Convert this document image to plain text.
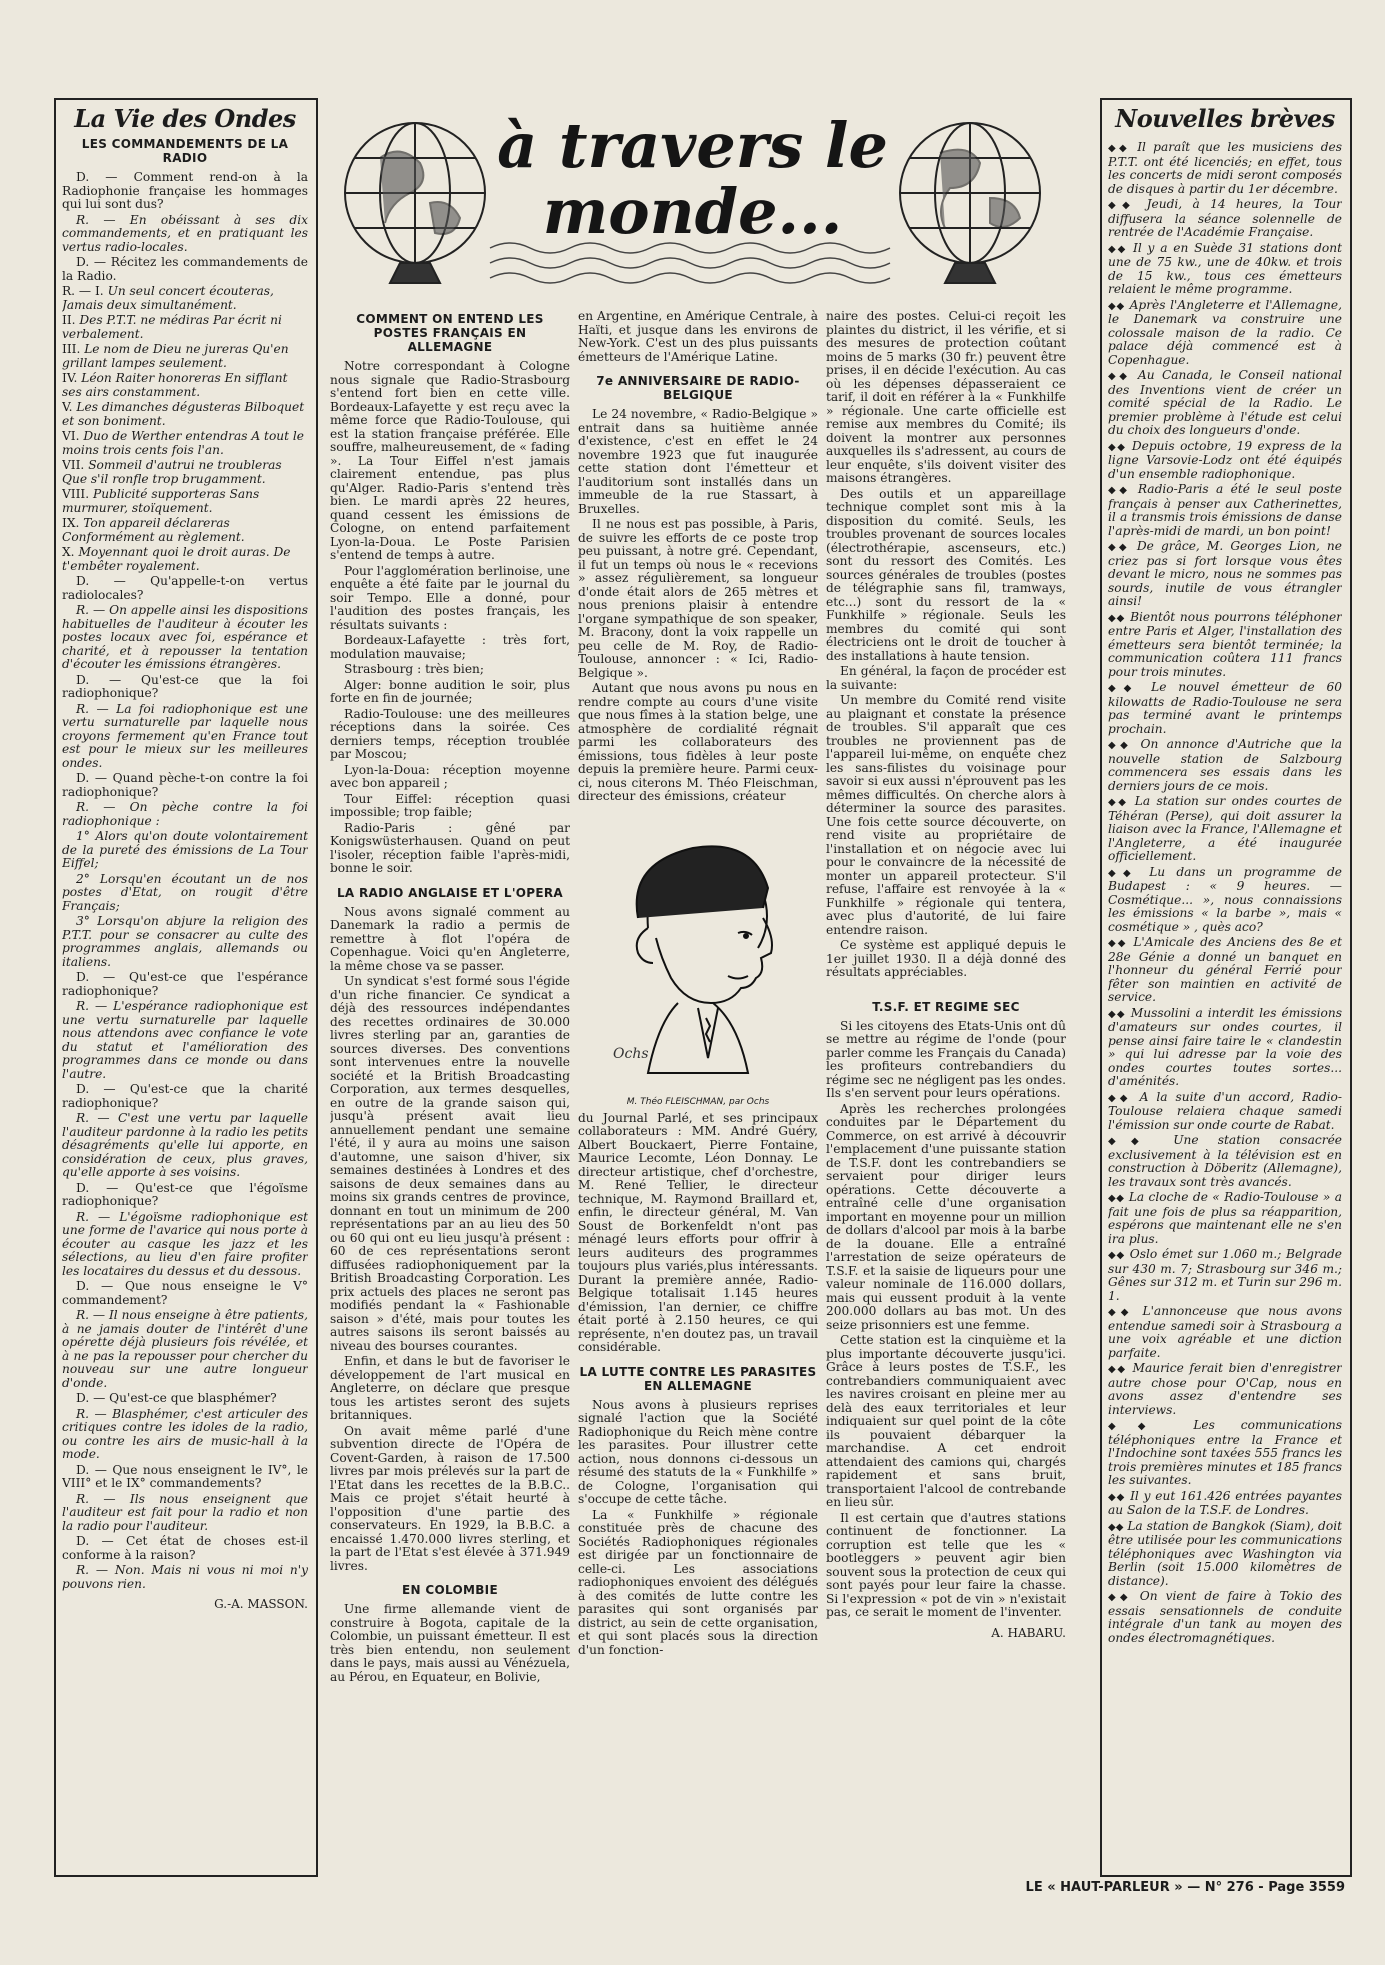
La Vie des Ondes
LES COMMANDEMENTS DE LA RADIO

D. — Comment rend-on à la Radiophonie française les hommages qui lui sont dus?

R. — En obéissant à ses dix commandements, et en pratiquant les vertus radio-locales.

D. — Récitez les commandements de la Radio.

R. — I. Un seul concert écouteras, Jamais deux simultanément.

II. Des P.T.T. ne médiras Par écrit ni verbalement.

III. Le nom de Dieu ne jureras Qu'en grillant lampes seulement.

IV. Léon Raiter honoreras En sifflant ses airs constamment.

V. Les dimanches dégusteras Bilboquet et son boniment.

VI. Duo de Werther entendras A tout le moins trois cents fois l'an.

VII. Sommeil d'autrui ne troubleras Que s'il ronfle trop brugamment.

VIII. Publicité supporteras Sans murmurer, stoïquement.

IX. Ton appareil déclareras Conformément au règlement.

X. Moyennant quoi le droit auras. De t'embêter royalement.

D. — Qu'appelle-t-on vertus radiolocales?

R. — On appelle ainsi les dispositions habituelles de l'auditeur à écouter les postes locaux avec foi, espérance et charité, et à repousser la tentation d'écouter les émissions étrangères.

D. — Qu'est-ce que la foi radiophonique?

R. — La foi radiophonique est une vertu surnaturelle par laquelle nous croyons fermement qu'en France tout est pour le mieux sur les meilleures ondes.

D. — Quand pèche-t-on contre la foi radiophonique?

R. — On pèche contre la foi radiophonique :

1° Alors qu'on doute volontairement de la pureté des émissions de La Tour Eiffel;

2° Lorsqu'en écoutant un de nos postes d'Etat, on rougit d'être Français;

3° Lorsqu'on abjure la religion des P.T.T. pour se consacrer au culte des programmes anglais, allemands ou italiens.

D. — Qu'est-ce que l'espérance radiophonique?

R. — L'espérance radiophonique est une vertu surnaturelle par laquelle nous attendons avec confiance le vote du statut et l'amélioration des programmes dans ce monde ou dans l'autre.

D. — Qu'est-ce que la charité radiophonique?

R. — C'est une vertu par laquelle l'auditeur pardonne à la radio les petits désagréments qu'elle lui apporte, en considération de ceux, plus graves, qu'elle apporte à ses voisins.

D. — Qu'est-ce que l'égoïsme radiophonique?

R. — L'égoïsme radiophonique est une forme de l'avarice qui nous porte à écouter au casque les jazz et les sélections, au lieu d'en faire profiter les locataires du dessus et du dessous.

D. — Que nous enseigne le V° commandement?

R. — Il nous enseigne à être patients, à ne jamais douter de l'intérêt d'une opérette déjà plusieurs fois révélée, et à ne pas la repousser pour chercher du nouveau sur une autre longueur d'onde.

D. — Qu'est-ce que blasphémer?

R. — Blasphémer, c'est articuler des critiques contre les idoles de la radio, ou contre les airs de music-hall à la mode.

D. — Que nous enseignent le IV°, le VIII° et le IX° commandements?

R. — Ils nous enseignent que l'auditeur est fait pour la radio et non la radio pour l'auditeur.

D. — Cet état de choses est-il conforme à la raison?

R. — Non. Mais ni vous ni moi n'y pouvons rien.

G.-A. MASSON.
à travers le monde...
COMMENT ON ENTEND LES POSTES FRANÇAIS EN ALLEMAGNE

Notre correspondant à Cologne nous signale que Radio-Strasbourg s'entend fort bien en cette ville. Bordeaux-Lafayette y est reçu avec la même force que Radio-Toulouse, qui est la station française préférée. Elle souffre, malheureusement, de « fading ». La Tour Eiffel n'est jamais clairement entendue, pas plus qu'Alger. Radio-Paris s'entend très bien. Le mardi après 22 heures, quand cessent les émissions de Cologne, on entend parfaitement Lyon-la-Doua. Le Poste Parisien s'entend de temps à autre.

Pour l'agglomération berlinoise, une enquête a été faite par le journal du soir Tempo. Elle a donné, pour l'audition des postes français, les résultats suivants :

Bordeaux-Lafayette : très fort, modulation mauvaise;

Strasbourg : très bien;

Alger: bonne audition le soir, plus forte en fin de journée;

Radio-Toulouse: une des meilleures réceptions dans la soirée. Ces derniers temps, réception troublée par Moscou;

Lyon-la-Doua: réception moyenne avec bon appareil ;

Tour Eiffel: réception quasi impossible; trop faible;

Radio-Paris : gêné par Konigswüsterhausen. Quand on peut l'isoler, réception faible l'après-midi, bonne le soir.

LA RADIO ANGLAISE ET L'OPERA

Nous avons signalé comment au Danemark la radio a permis de remettre à flot l'opéra de Copenhague. Voici qu'en Angleterre, la même chose va se passer.

Un syndicat s'est formé sous l'égide d'un riche financier. Ce syndicat a déjà des ressources indépendantes des recettes ordinaires de 30.000 livres sterling par an, garanties de sources diverses. Des conventions sont intervenues entre la nouvelle société et la British Broadcasting Corporation, aux termes desquelles, en outre de la grande saison qui, jusqu'à présent avait lieu annuellement pendant une semaine l'été, il y aura au moins une saison d'automne, une saison d'hiver, six semaines destinées à Londres et des saisons de deux semaines dans au moins six grands centres de province, donnant en tout un minimum de 200 représentations par an au lieu des 50 ou 60 qui ont eu lieu jusqu'à présent : 60 de ces représentations seront diffusées radiophoniquement par la British Broadcasting Corporation. Les prix actuels des places ne seront pas modifiés pendant la « Fashionable saison » d'été, mais pour toutes les autres saisons ils seront baissés au niveau des bourses courantes.

Enfin, et dans le but de favoriser le développement de l'art musical en Angleterre, on déclare que presque tous les artistes seront des sujets britanniques.

On avait même parlé d'une subvention directe de l'Opéra de Covent-Garden, à raison de 17.500 livres par mois prélevés sur la part de l'Etat dans les recettes de la B.B.C.. Mais ce projet s'était heurté à l'opposition d'une partie des conservateurs. En 1929, la B.B.C. a encaissé 1.470.000 livres sterling, et la part de l'Etat s'est élevée à 371.949 livres.

EN COLOMBIE

Une firme allemande vient de construire à Bogota, capitale de la Colombie, un puissant émetteur. Il est très bien entendu, non seulement dans le pays, mais aussi au Vénézuela, au Pérou, en Equateur, en Bolivie,

en Argentine, en Amérique Centrale, à Haïti, et jusque dans les environs de New-York. C'est un des plus puissants émetteurs de l'Amérique Latine.

7e ANNIVERSAIRE DE RADIO-BELGIQUE

Le 24 novembre, « Radio-Belgique » entrait dans sa huitième année d'existence, c'est en effet le 24 novembre 1923 que fut inaugurée cette station dont l'émetteur et l'auditorium sont installés dans un immeuble de la rue Stassart, à Bruxelles.

Il ne nous est pas possible, à Paris, de suivre les efforts de ce poste trop peu puissant, à notre gré. Cependant, il fut un temps où nous le « recevions » assez régulièrement, sa longueur d'onde était alors de 265 mètres et nous prenions plaisir à entendre l'organe sympathique de son speaker, M. Bracony, dont la voix rappelle un peu celle de M. Roy, de Radio-Toulouse, annoncer : « Ici, Radio-Belgique ».

Autant que nous avons pu nous en rendre compte au cours d'une visite que nous fîmes à la station belge, une atmosphère de cordialité régnait parmi les collaborateurs des émissions, tous fidèles à leur poste depuis la première heure. Parmi ceux-ci, nous citerons M. Théo Fleischman, directeur des émissions, créateur

Ochs
M. Théo FLEISCHMAN, par Ochs

du Journal Parlé, et ses principaux collaborateurs : MM. André Guéry, Albert Bouckaert, Pierre Fontaine, Maurice Lecomte, Léon Donnay. Le directeur artistique, chef d'orchestre, M. René Tellier, le directeur technique, M. Raymond Braillard et, enfin, le directeur général, M. Van Soust de Borkenfeldt n'ont pas ménagé leurs efforts pour offrir à leurs auditeurs des programmes toujours plus variés,plus intéressants. Durant la première année, Radio-Belgique totalisait 1.145 heures d'émission, l'an dernier, ce chiffre était porté à 2.150 heures, ce qui représente, n'en doutez pas, un travail considérable.

LA LUTTE CONTRE LES PARASITES EN ALLEMAGNE

Nous avons à plusieurs reprises signalé l'action que la Société Radiophonique du Reich mène contre les parasites. Pour illustrer cette action, nous donnons ci-dessous un résumé des statuts de la « Funkhilfe » de Cologne, l'organisation qui s'occupe de cette tâche.

La « Funkhilfe » régionale constituée près de chacune des Sociétés Radiophoniques régionales est dirigée par un fonctionnaire de celle-ci. Les associations radiophoniques envoient des délégués à des comités de lutte contre les parasites qui sont organisés par district, au sein de cette organisation, et qui sont placés sous la direction d'un fonction-

naire des postes. Celui-ci reçoit les plaintes du district, il les vérifie, et si des mesures de protection coûtant moins de 5 marks (30 fr.) peuvent être prises, il en décide l'exécution. Au cas où les dépenses dépasseraient ce tarif, il doit en référer à la « Funkhilfe » régionale. Une carte officielle est remise aux membres du Comité; ils doivent la montrer aux personnes auxquelles ils s'adressent, au cours de leur enquête, s'ils doivent visiter des maisons étrangères.

Des outils et un appareillage technique complet sont mis à la disposition du comité. Seuls, les troubles provenant de sources locales (électrothérapie, ascenseurs, etc.) sont du ressort des Comités. Les sources générales de troubles (postes de télégraphie sans fil, tramways, etc...) sont du ressort de la « Funkhilfe » régionale. Seuls les membres du comité qui sont électriciens ont le droit de toucher à des installations à haute tension.

En général, la façon de procéder est la suivante:

Un membre du Comité rend visite au plaignant et constate la présence de troubles. S'il apparaît que ces troubles ne proviennent pas de l'appareil lui-même, on enquête chez les sans-filistes du voisinage pour savoir si eux aussi n'éprouvent pas les mêmes difficultés. On cherche alors à déterminer la source des parasites. Une fois cette source découverte, on rend visite au propriétaire de l'installation et on négocie avec lui pour le convaincre de la nécessité de monter un appareil protecteur. S'il refuse, l'affaire est renvoyée à la « Funkhilfe » régionale qui tentera, avec plus d'autorité, de lui faire entendre raison.

Ce système est appliqué depuis le 1er juillet 1930. Il a déjà donné des résultats appréciables.

T.S.F. ET REGIME SEC

Si les citoyens des Etats-Unis ont dû se mettre au régime de l'onde (pour parler comme les Français du Canada) les profiteurs contrebandiers du régime sec ne négligent pas les ondes. Ils s'en servent pour leurs opérations.

Après les recherches prolongées conduites par le Département du Commerce, on est arrivé à découvrir l'emplacement d'une puissante station de T.S.F. dont les contrebandiers se servaient pour diriger leurs opérations. Cette découverte a entraîné celle d'une organisation important en moyenne pour un million de dollars d'alcool par mois à la barbe de la douane. Elle a entraîné l'arrestation de seize opérateurs de T.S.F. et la saisie de liqueurs pour une valeur nominale de 116.000 dollars, mais qui eussent produit à la vente 200.000 dollars au bas mot. Un des seize prisonniers est une femme.

Cette station est la cinquième et la plus importante découverte jusqu'ici. Grâce à leurs postes de T.S.F., les contrebandiers communiquaient avec les navires croisant en pleine mer au delà des eaux territoriales et leur indiquaient sur quel point de la côte ils pouvaient débarquer la marchandise. A cet endroit attendaient des camions qui, chargés rapidement et sans bruit, transportaient l'alcool de contrebande en lieu sûr.

Il est certain que d'autres stations continuent de fonctionner. La corruption est telle que les « bootleggers » peuvent agir bien souvent sous la protection de ceux qui sont payés pour leur faire la chasse. Si l'expression « pot de vin » n'existait pas, ce serait le moment de l'inventer.

A. HABARU.
Nouvelles brèves

◆◆ Il paraît que les musiciens des P.T.T. ont été licenciés; en effet, tous les concerts de midi seront composés de disques à partir du 1er décembre.

◆◆ Jeudi, à 14 heures, la Tour diffusera la séance solennelle de rentrée de l'Académie Française.

◆◆ Il y a en Suède 31 stations dont une de 75 kw., une de 40kw. et trois de 15 kw., tous ces émetteurs relaient le même programme.

◆◆ Après l'Angleterre et l'Allemagne, le Danemark va construire une colossale maison de la radio. Ce palace déjà commencé est à Copenhague.

◆◆ Au Canada, le Conseil national des Inventions vient de créer un comité spécial de la Radio. Le premier problème à l'étude est celui du choix des longueurs d'onde.

◆◆ Depuis octobre, 19 express de la ligne Varsovie-Lodz ont été équipés d'un ensemble radiophonique.

◆◆ Radio-Paris a été le seul poste français à penser aux Catherinettes, il a transmis trois émissions de danse l'après-midi de mardi, un bon point!

◆◆ De grâce, M. Georges Lion, ne criez pas si fort lorsque vous êtes devant le micro, nous ne sommes pas sourds, inutile de vous étrangler ainsi!

◆◆ Bientôt nous pourrons téléphoner entre Paris et Alger, l'installation des émetteurs sera bientôt terminée; la communication coûtera 111 francs pour trois minutes.

◆◆ Le nouvel émetteur de 60 kilowatts de Radio-Toulouse ne sera pas terminé avant le printemps prochain.

◆◆ On annonce d'Autriche que la nouvelle station de Salzbourg commencera ses essais dans les derniers jours de ce mois.

◆◆ La station sur ondes courtes de Téhéran (Perse), qui doit assurer la liaison avec la France, l'Allemagne et l'Angleterre, a été inaugurée officiellement.

◆◆ Lu dans un programme de Budapest : « 9 heures. — Cosmétique... », nous connaissions les émissions « la barbe », mais « cosmétique » , quès aco?

◆◆ L'Amicale des Anciens des 8e et 28e Génie a donné un banquet en l'honneur du général Ferrié pour fêter son maintien en activité de service.

◆◆ Mussolini a interdit les émissions d'amateurs sur ondes courtes, il pense ainsi faire taire le « clandestin » qui lui adresse par la voie des ondes courtes toutes sortes... d'aménités.

◆◆ A la suite d'un accord, Radio-Toulouse relaiera chaque samedi l'émission sur onde courte de Rabat.

◆◆ Une station consacrée exclusivement à la télévision est en construction à Döberitz (Allemagne), les travaux sont très avancés.

◆◆ La cloche de « Radio-Toulouse » a fait une fois de plus sa réapparition, espérons que maintenant elle ne s'en ira plus.

◆◆ Oslo émet sur 1.060 m.; Belgrade sur 430 m. 7; Strasbourg sur 346 m.; Gênes sur 312 m. et Turin sur 296 m. 1.

◆◆ L'annonceuse que nous avons entendue samedi soir à Strasbourg a une voix agréable et une diction parfaite.

◆◆ Maurice ferait bien d'enregistrer autre chose pour O'Cap, nous en avons assez d'entendre ses interviews.

◆◆ Les communications téléphoniques entre la France et l'Indochine sont taxées 555 francs les trois premières minutes et 185 francs les suivantes.

◆◆ Il y eut 161.426 entrées payantes au Salon de la T.S.F. de Londres.

◆◆ La station de Bangkok (Siam), doit être utilisée pour les communications téléphoniques avec Washington via Berlin (soit 15.000 kilomètres de distance).

◆◆ On vient de faire à Tokio des essais sensationnels de conduite intégrale d'un tank au moyen des ondes électromagnétiques.

LE « HAUT-PARLEUR » — N° 276 - Page 3559
